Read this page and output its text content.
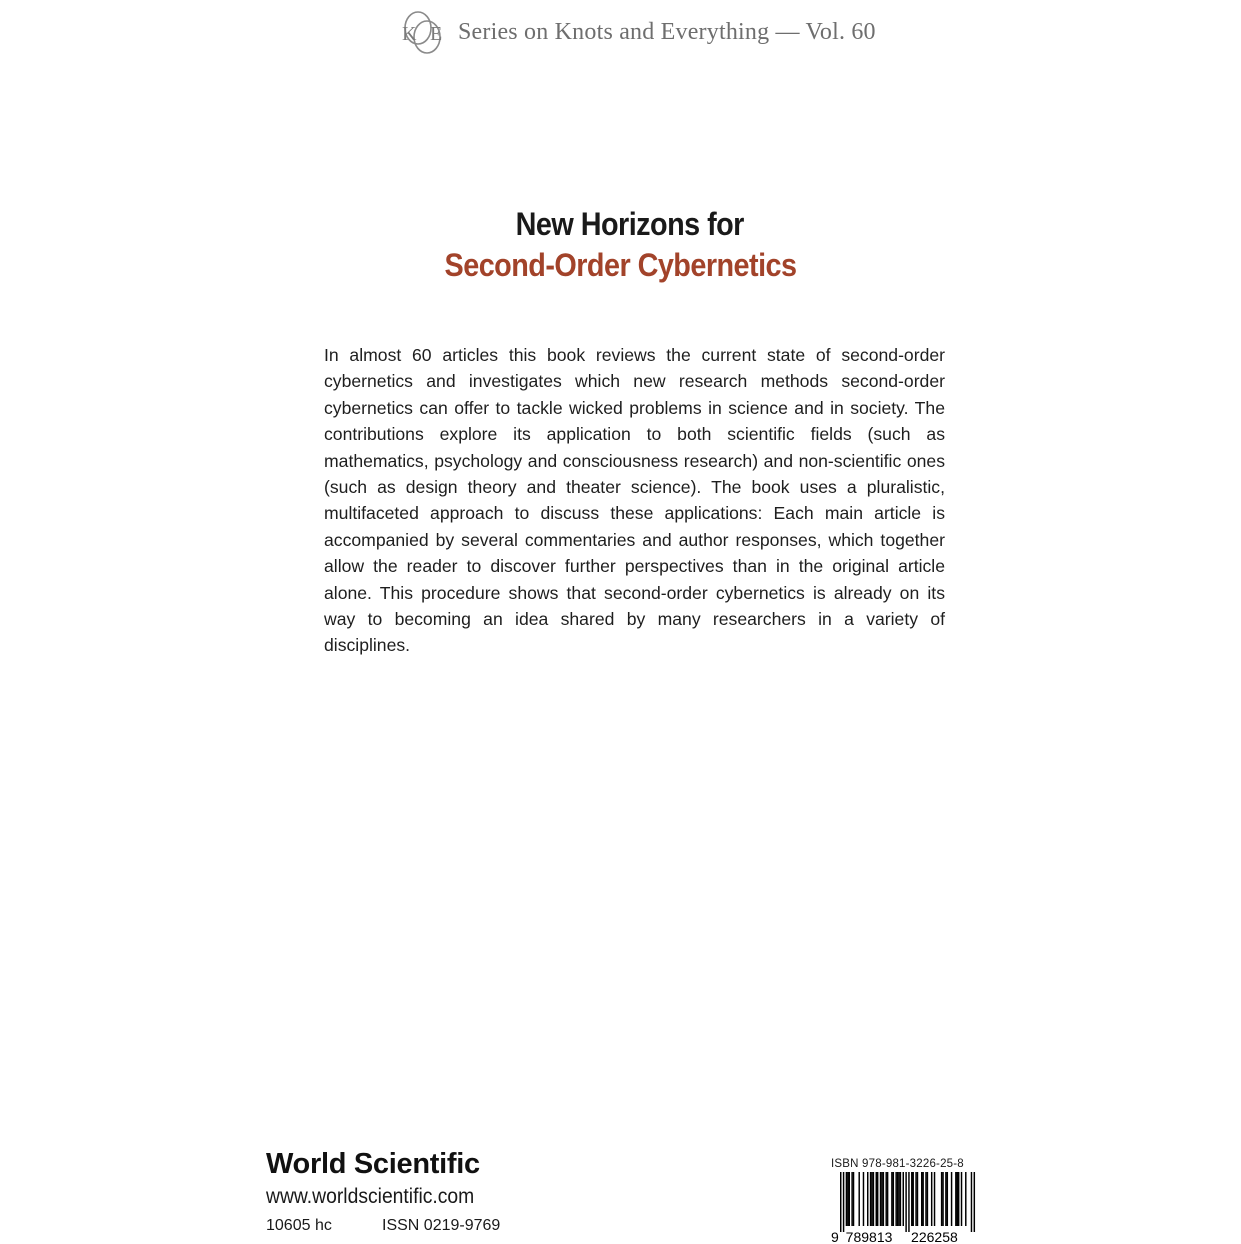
K E Series on Knots and Everything — Vol. 60
New Horizons for
Second-Order Cybernetics
In almost 60 articles this book reviews the current state of second-order cybernetics and investigates which new research methods second-order cybernetics can offer to tackle wicked problems in science and in society. The contributions explore its application to both scientific fields (such as mathematics, psychology and consciousness research) and non-scientific ones (such as design theory and theater science). The book uses a pluralistic, multifaceted approach to discuss these applications: Each main article is accompanied by several commentaries and author responses, which together allow the reader to discover further perspectives than in the original article alone. This procedure shows that second-order cybernetics is already on its way to becoming an idea shared by many researchers in a variety of disciplines.
World Scientific
www.worldscientific.com
10605 hc	ISSN 0219-9769
ISBN 978-981-3226-25-8
9 789813 226258
